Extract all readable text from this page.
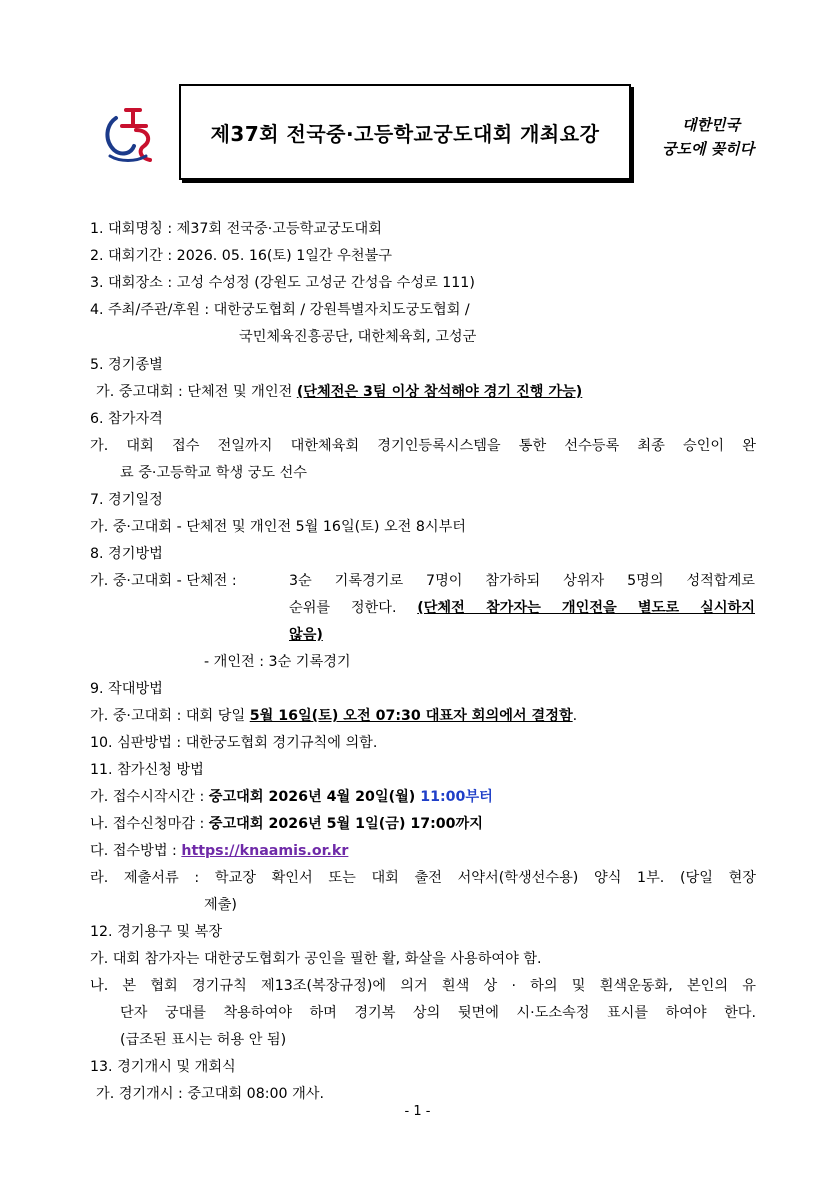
제37회 전국중·고등학교궁도대회 개최요강	대한민국
궁도에 꽂히다
1. 대회명칭 : 제37회 전국중·고등학교궁도대회
2. 대회기간 : 2026. 05. 16(토) 1일간 우천불구
3. 대회장소 : 고성 수성정 (강원도 고성군 간성읍 수성로 111)
4. 주최/주관/후원 : 대한궁도협회 / 강원특별자치도궁도협회 /
국민체육진흥공단, 대한체육회, 고성군
5. 경기종별
가. 중고대회 : 단체전 및 개인전 (단체전은 3팀 이상 참석해야 경기 진행 가능)
6. 참가자격
가. 대회 접수 전일까지 대한체육회 경기인등록시스템을 통한 선수등록 최종 승인이 완
료 중·고등학교 학생 궁도 선수
7. 경기일정
가. 중·고대회 - 단체전 및 개인전 5월 16일(토) 오전 8시부터
8. 경기방법
가. 중·고대회 - 단체전 :	3순 기록경기로 7명이 참가하되 상위자 5명의 성적합계로
순위를 정한다. (단체전 참가자는 개인전을 별도로 실시하지
않음)
- 개인전 : 3순 기록경기
9. 작대방법
가. 중·고대회 : 대회 당일 5월 16일(토) 오전 07:30 대표자 회의에서 결정함.
10. 심판방법 : 대한궁도협회 경기규칙에 의함.
11. 참가신청 방법
가. 접수시작시간 : 중고대회 2026년 4월 20일(월) 11:00부터
나. 접수신청마감 : 중고대회 2026년 5월 1일(금) 17:00까지
다. 접수방법 : https://knaamis.or.kr
라. 제출서류 : 학교장 확인서 또는 대회 출전 서약서(학생선수용) 양식 1부. (당일 현장
제출)
12. 경기용구 및 복장
가. 대회 참가자는 대한궁도협회가 공인을 필한 활, 화살을 사용하여야 함.
나. 본 협회 경기규칙 제13조(복장규정)에 의거 흰색 상 · 하의 및 흰색운동화, 본인의 유
단자 궁대를 착용하여야 하며 경기복 상의 뒷면에 시·도소속정 표시를 하여야 한다.
(급조된 표시는 허용 안 됨)
13. 경기개시 및 개회식
가. 경기개시 : 중고대회 08:00 개사.
- 1 -
